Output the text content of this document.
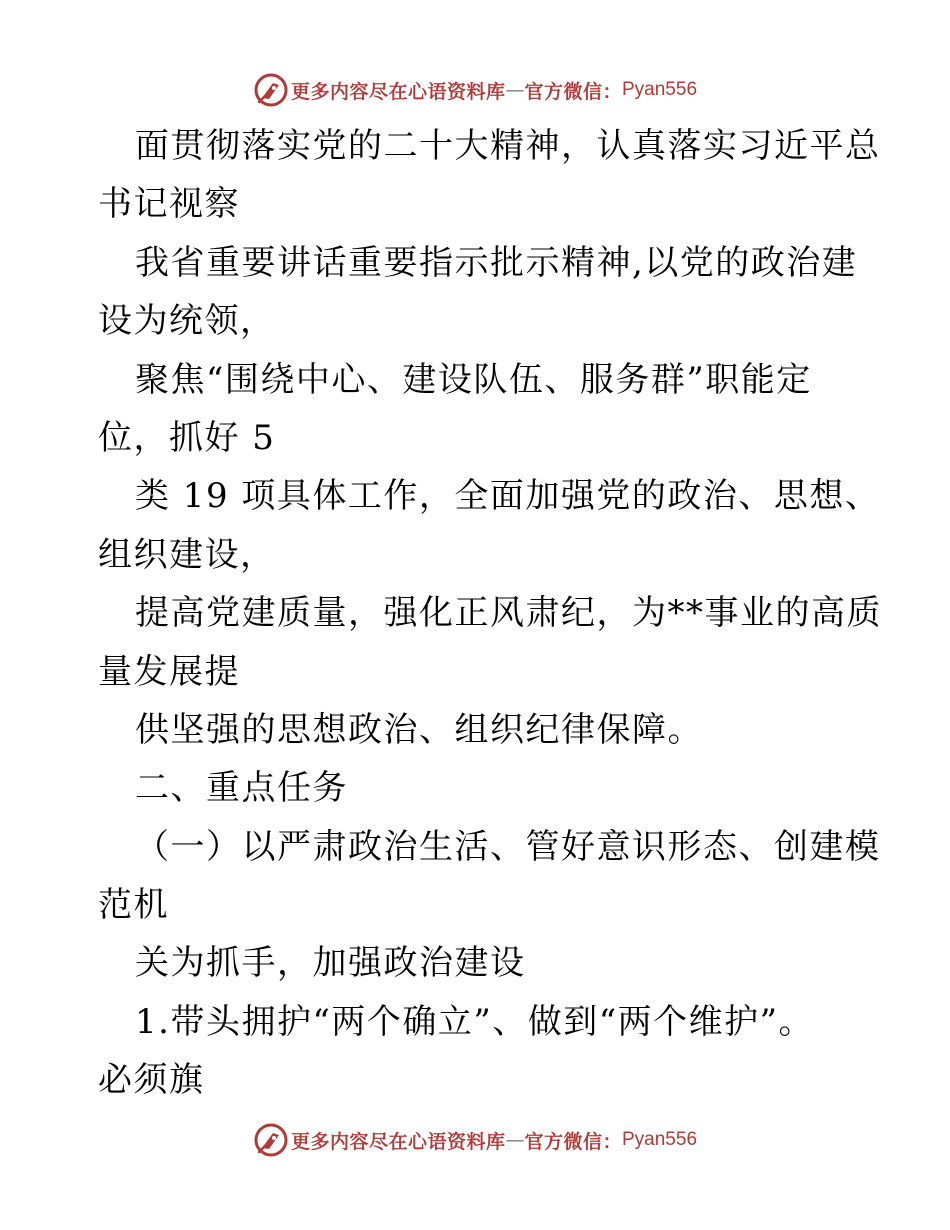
更多内容尽在心语资料库 — 官方微信： Pyan556
面贯彻落实党的二十大精神，认真落实习近平总
书记视察
我省重要讲话重要指示批示精神,以党的政治建
设为统领，
聚焦“围绕中心、建设队伍、服务群”职能定
位，抓好 5
类 19 项具体工作，全面加强党的政治、思想、
组织建设，
提高党建质量，强化正风肃纪，为**事业的高质
量发展提
供坚强的思想政治、组织纪律保障。
二、重点任务
（一）以严肃政治生活、管好意识形态、创建模
范机
关为抓手，加强政治建设
1.带头拥护“两个确立”、做到“两个维护”。
必须旗
更多内容尽在心语资料库 — 官方微信： Pyan556
